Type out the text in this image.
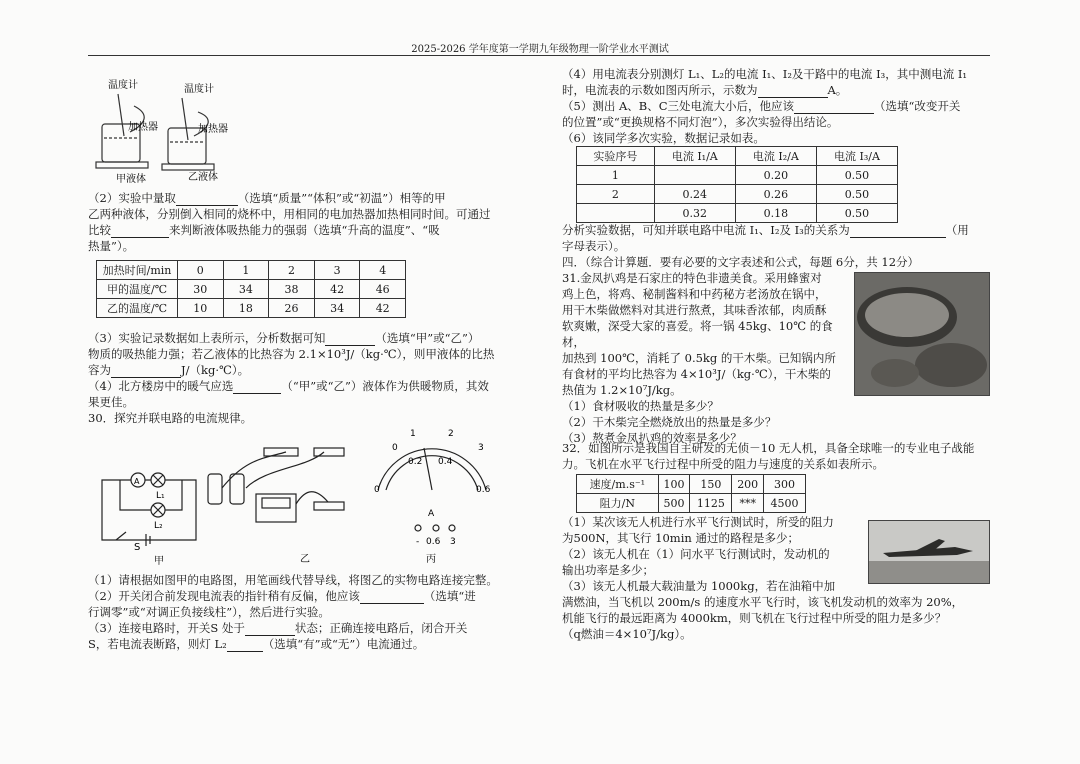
2025-2026 学年度第一学期九年级物理一阶学业水平测试
温度计	温度计
加热器	加热器
甲液体	乙液体

（2）实验中量取	（选填“质量”“体积”或“初温”）相等的甲

乙两种液体，分别倒入相同的烧杯中，用相同的电加热器加热相同时间。可通过

比较	来判断液体吸热能力的强弱（选填“升高的温度”、“吸

热量”）。

加热时间/min	0	1	2	3	4
甲的温度/℃	30	34	38	42	46
乙的温度/℃	10	18	26	34	42

（3）实验记录数据如上表所示，分析数据可知	（选填“甲”或“乙”）

物质的吸热能力强；若乙液体的比热容为 2.1×10³J/（kg·℃），则甲液体的比热

容为	J/（kg·℃）。

（4）北方楼房中的暖气应选	（“甲”或“乙”）液体作为供暖物质，其效

果更佳。

30．探究并联电路的电流规律。

A
L₁
L₂
S
甲	乙	丙
0
1	2
3
0
0.2 0.4
0.6
A
- 0.6 3

（1）请根据如图甲的电路图，用笔画线代替导线，将图乙的实物电路连接完整。

（2）开关闭合前发现电流表的指针稍有反偏，他应该	（选填“进

行调零”或“对调正负接线柱”），然后进行实验。

（3）连接电路时，开关S 处于	状态；正确连接电路后，闭合开关

S，若电流表断路，则灯 L₂	（选填“有”或“无”）电流通过。

（4）用电流表分别测灯 L₁、L₂的电流 I₁、I₂及干路中的电流 I₃，其中测电流 I₁

时，电流表的示数如图丙所示，示数为	A。

（5）测出 A、B、C三处电流大小后，他应该	（选填“改变开关

的位置”或“更换规格不同灯泡”），多次实验得出结论。

（6）该同学多次实验，数据记录如表。

实验序号	电流 I₁/A	电流 I₂/A	电流 I₃/A
1		0.20	0.50
2	0.24	0.26	0.50
	0.32	0.18	0.50

分析实验数据，可知并联电路中电流 I₁、I₂及 I₃的关系为	（用

字母表示）。

四．（综合计算题．要有必要的文字表述和公式，每题 6分，共 12分）

31.金凤扒鸡是石家庄的特色非遗美食。采用蜂蜜对

鸡上色，将鸡、秘制酱料和中药秘方老汤放在锅中，

用干木柴做燃料对其进行熬煮，其味香浓郁，肉质酥

软爽嫩，深受大家的喜爱。将一锅 45kg、10℃ 的食材，

加热到 100℃，消耗了 0.5kg 的干木柴。已知锅内所

有食材的平均比热容为 4×10³J/（kg·℃），干木柴的

热值为 1.2×10⁷J/kg。

（1）食材吸收的热量是多少？

（2）干木柴完全燃烧放出的热量是多少？

（3）熬煮金凤扒鸡的效率是多少？

32．如图所示是我国自主研发的无侦－10 无人机，具备全球唯一的专业电子战能

力。飞机在水平飞行过程中所受的阻力与速度的关系如表所示。

速度/m.s⁻¹	100	150	200	300
阻力/N	500	1125	***	4500

（1）某次该无人机进行水平飞行测试时，所受的阻力

为500N，其飞行 10min 通过的路程是多少；

（2）该无人机在（1）问水平飞行测试时，发动机的

输出功率是多少；

（3）该无人机最大载油量为 1000kg，若在油箱中加

满燃油，当飞机以 200m/s 的速度水平飞行时，该飞机发动机的效率为 20%，

机能飞行的最远距离为 4000km，则飞机在飞行过程中所受的阻力是多少？

（q燃油＝4×10⁷J/kg）。
